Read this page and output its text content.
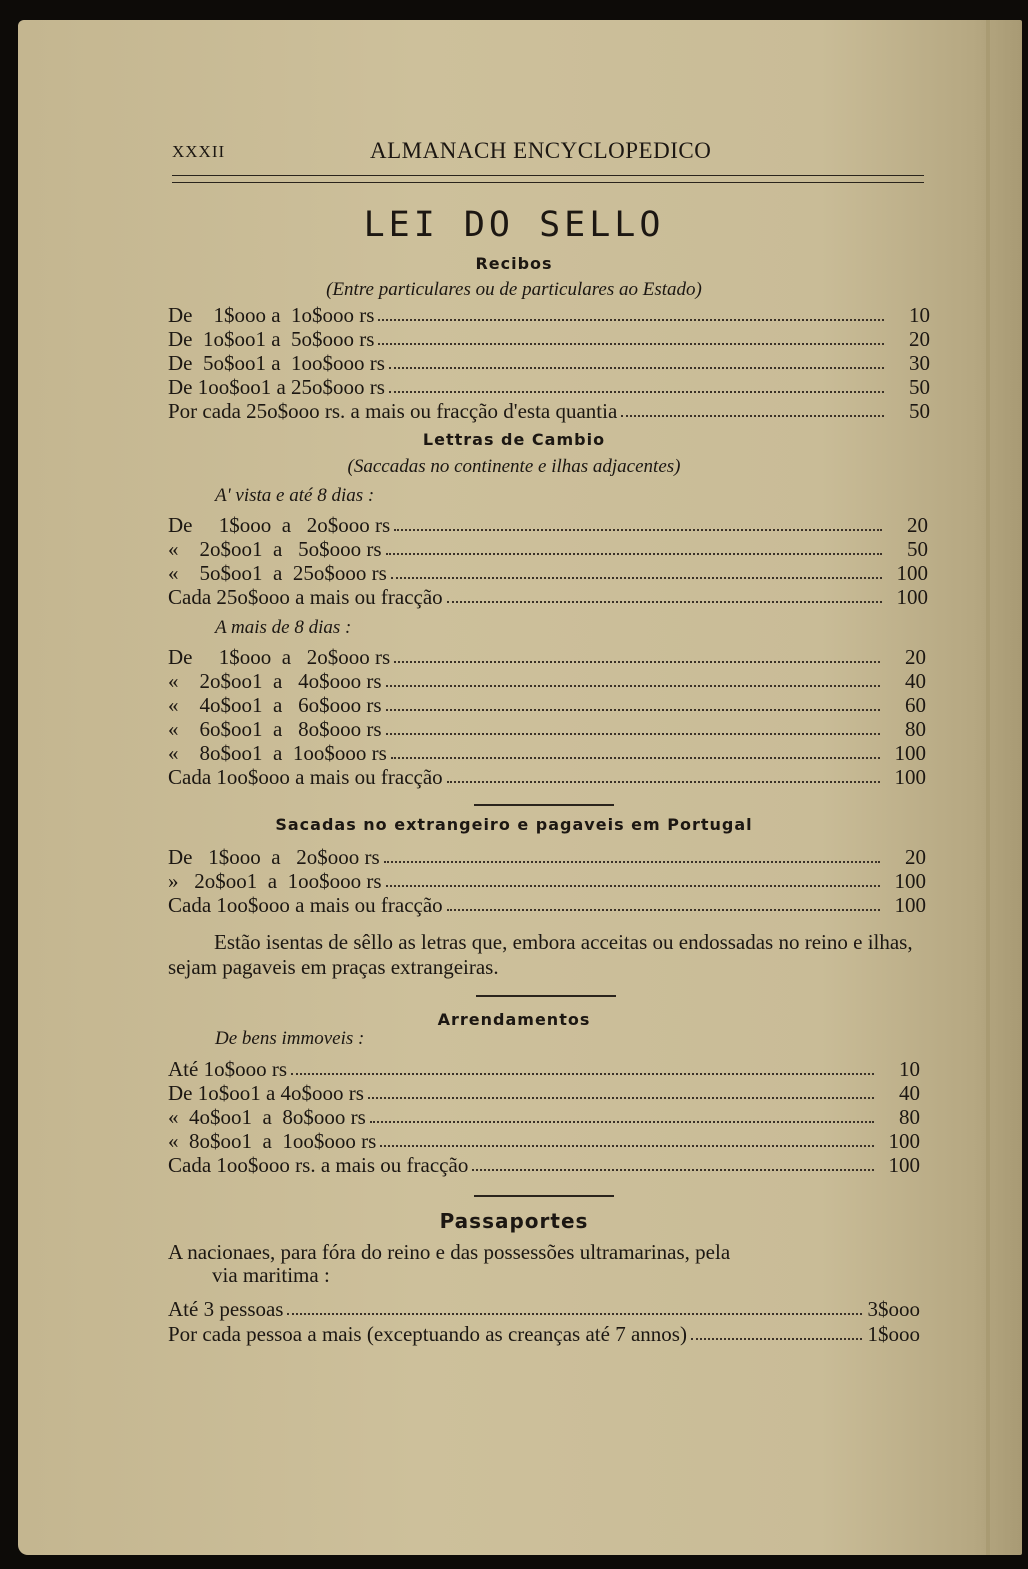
XXXII	ALMANACH ENCYCLOPEDICO
LEI DO SELLO
Recibos
(Entre particulares ou de particulares ao Estado)
De    1$ooo a  1o$ooo rs	10
De  1o$oo1 a  5o$ooo rs	20
De  5o$oo1 a  1oo$ooo rs	30
De 1oo$oo1 a 25o$ooo rs	50
Por cada 25o$ooo rs. a mais ou fracção d'esta quantia	50
Lettras de Cambio
(Saccadas no continente e ilhas adjacentes)
A' vista e até 8 dias :
De     1$ooo  a   2o$ooo rs	20
«    2o$oo1  a   5o$ooo rs	50
«    5o$oo1  a  25o$ooo rs	100
Cada 25o$ooo a mais ou fracção	100
A mais de 8 dias :
De     1$ooo  a   2o$ooo rs	20
«    2o$oo1  a   4o$ooo rs	40
«    4o$oo1  a   6o$ooo rs	60
«    6o$oo1  a   8o$ooo rs	80
«    8o$oo1  a  1oo$ooo rs	100
Cada 1oo$ooo a mais ou fracção	100
Sacadas no extrangeiro e pagaveis em Portugal
De   1$ooo  a   2o$ooo rs	20
»   2o$oo1  a  1oo$ooo rs	100
Cada 1oo$ooo a mais ou fracção	100
Estão isentas de sêllo as letras que, embora acceitas ou endossadas no reino e ilhas, sejam pagaveis em praças extrangeiras.
Arrendamentos
De bens immoveis :
Até 1o$ooo rs	10
De 1o$oo1 a 4o$ooo rs	40
«  4o$oo1  a  8o$ooo rs	80
«  8o$oo1  a  1oo$ooo rs	100
Cada 1oo$ooo rs. a mais ou fracção	100
Passaportes
A nacionaes, para fóra do reino e das possessões ultramarinas, pela
via maritima :
Até 3 pessoas	3$ooo
Por cada pessoa a mais (exceptuando as creanças até 7 annos)	1$ooo
